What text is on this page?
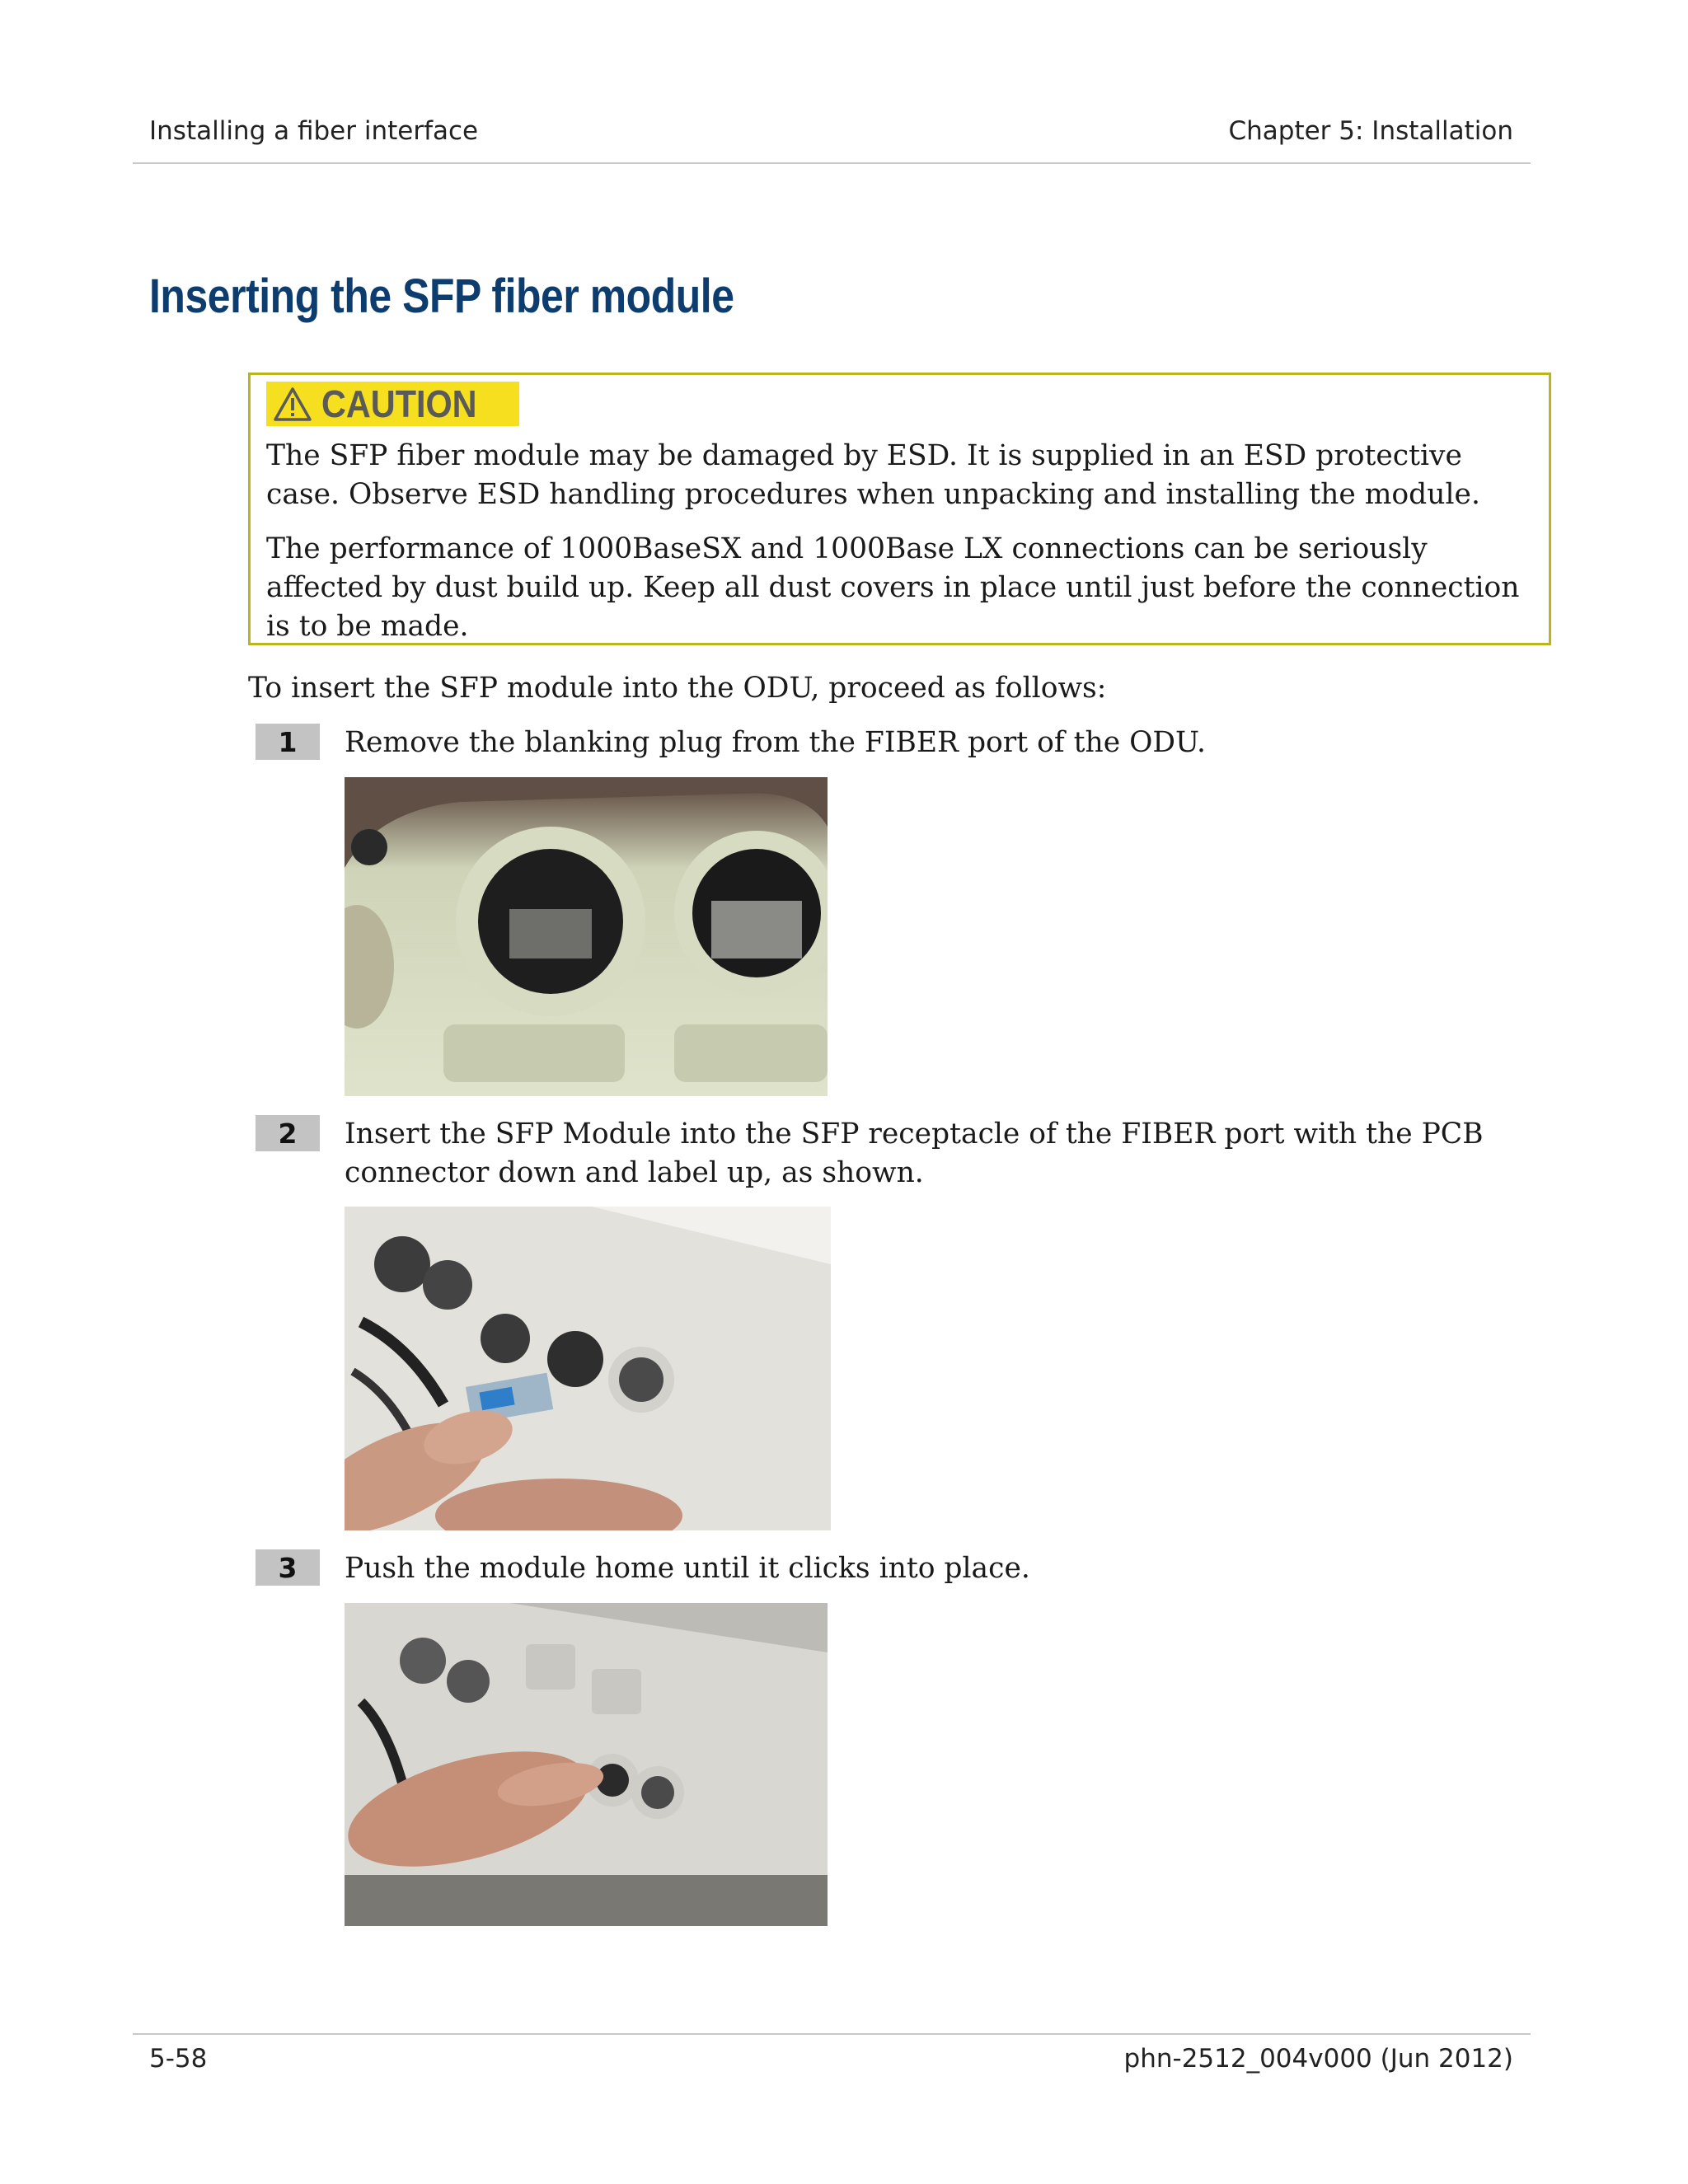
Installing a fiber interface	Chapter 5: Installation
Inserting the SFP fiber module
CAUTION
The SFP fiber module may be damaged by ESD. It is supplied in an ESD protective case. Observe ESD handling procedures when unpacking and installing the module.
The performance of 1000BaseSX and 1000Base LX connections can be seriously affected by dust build up. Keep all dust covers in place until just before the connection is to be made.
To insert the SFP module into the ODU, proceed as follows:
1	Remove the blanking plug from the FIBER port of the ODU.
2	Insert the SFP Module into the SFP receptacle of the FIBER port with the PCB connector down and label up, as shown.
3	Push the module home until it clicks into place.
5-58	phn-2512_004v000 (Jun 2012)
